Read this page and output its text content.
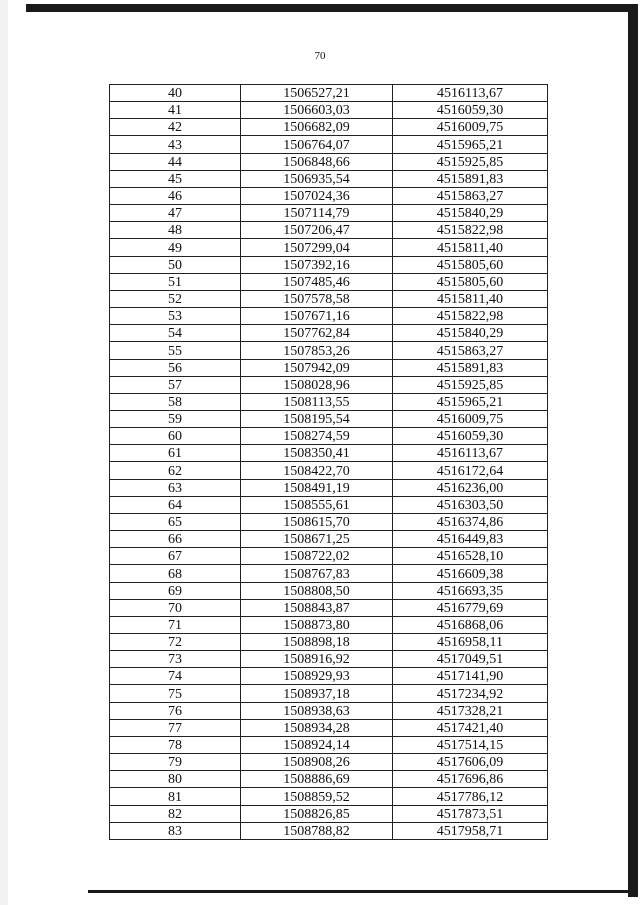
70
40	1506527,21	4516113,67
41	1506603,03	4516059,30
42	1506682,09	4516009,75
43	1506764,07	4515965,21
44	1506848,66	4515925,85
45	1506935,54	4515891,83
46	1507024,36	4515863,27
47	1507114,79	4515840,29
48	1507206,47	4515822,98
49	1507299,04	4515811,40
50	1507392,16	4515805,60
51	1507485,46	4515805,60
52	1507578,58	4515811,40
53	1507671,16	4515822,98
54	1507762,84	4515840,29
55	1507853,26	4515863,27
56	1507942,09	4515891,83
57	1508028,96	4515925,85
58	1508113,55	4515965,21
59	1508195,54	4516009,75
60	1508274,59	4516059,30
61	1508350,41	4516113,67
62	1508422,70	4516172,64
63	1508491,19	4516236,00
64	1508555,61	4516303,50
65	1508615,70	4516374,86
66	1508671,25	4516449,83
67	1508722,02	4516528,10
68	1508767,83	4516609,38
69	1508808,50	4516693,35
70	1508843,87	4516779,69
71	1508873,80	4516868,06
72	1508898,18	4516958,11
73	1508916,92	4517049,51
74	1508929,93	4517141,90
75	1508937,18	4517234,92
76	1508938,63	4517328,21
77	1508934,28	4517421,40
78	1508924,14	4517514,15
79	1508908,26	4517606,09
80	1508886,69	4517696,86
81	1508859,52	4517786,12
82	1508826,85	4517873,51
83	1508788,82	4517958,71
